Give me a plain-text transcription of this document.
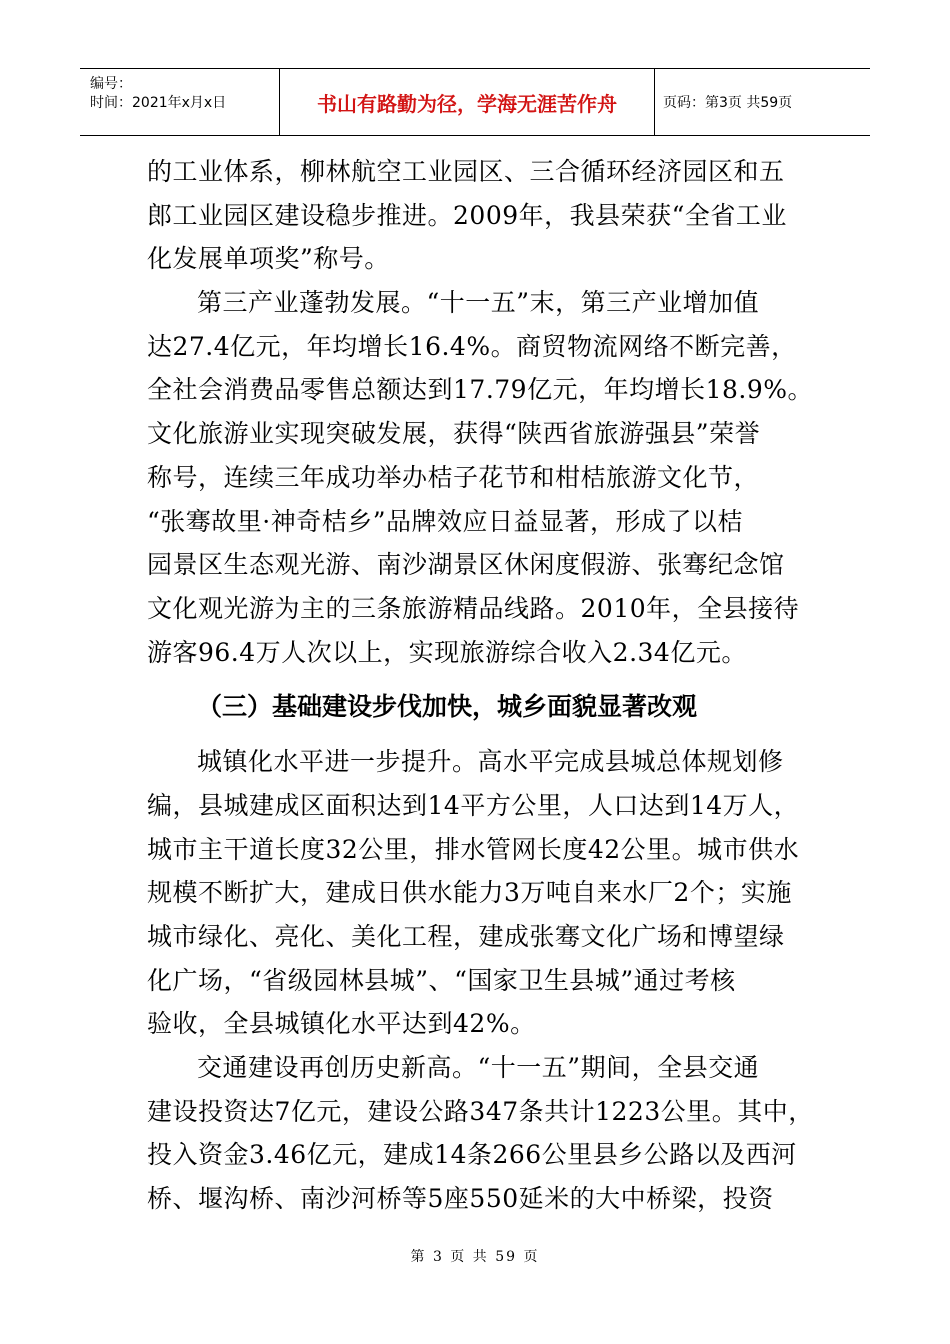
编号：
时间：2021年x月x日	书山有路勤为径，学海无涯苦作舟	页码：第3页 共59页
的工业体系，柳林航空工业园区、三合循环经济园区和五
郎工业园区建设稳步推进。2009年，我县荣获“全省工业
化发展单项奖”称号。
第三产业蓬勃发展。“十一五”末，第三产业增加值
达27.4亿元，年均增长16.4%。商贸物流网络不断完善，
全社会消费品零售总额达到17.79亿元，年均增长18.9%。
文化旅游业实现突破发展，获得“陕西省旅游强县”荣誉
称号，连续三年成功举办桔子花节和柑桔旅游文化节，
“张骞故里·神奇桔乡”品牌效应日益显著，形成了以桔
园景区生态观光游、南沙湖景区休闲度假游、张骞纪念馆
文化观光游为主的三条旅游精品线路。2010年，全县接待
游客96.4万人次以上，实现旅游综合收入2.34亿元。
（三）基础建设步伐加快，城乡面貌显著改观
城镇化水平进一步提升。高水平完成县城总体规划修
编，县城建成区面积达到14平方公里，人口达到14万人，
城市主干道长度32公里，排水管网长度42公里。城市供水
规模不断扩大，建成日供水能力3万吨自来水厂2个；实施
城市绿化、亮化、美化工程，建成张骞文化广场和博望绿
化广场，“省级园林县城”、“国家卫生县城”通过考核
验收，全县城镇化水平达到42%。
交通建设再创历史新高。“十一五”期间，全县交通
建设投资达7亿元，建设公路347条共计1223公里。其中，
投入资金3.46亿元，建成14条266公里县乡公路以及西河
桥、堰沟桥、南沙河桥等5座550延米的大中桥梁，投资
第 3 页 共 59 页
